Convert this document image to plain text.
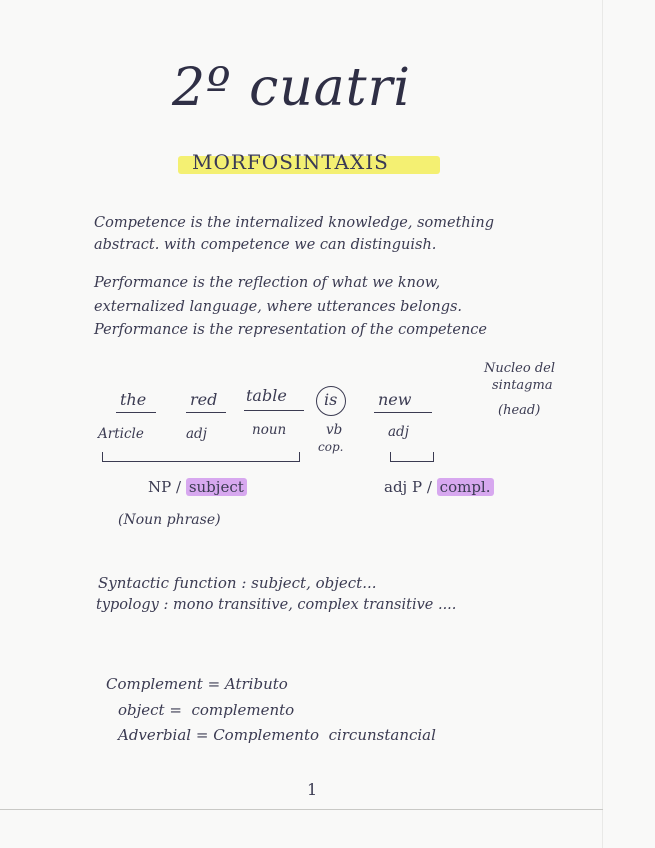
2º cuatri
MORFOSINTAXIS
Competence is the internalized knowledge, something
abstract. with competence we can distinguish.
Performance is the reflection of what we know,
externalized language, where utterances belongs.
Performance is the representation of the competence
Nucleo del
sintagma
(head)
the	red table is	new
Article	adj	noun	vb
cop.
adj
NP / subject	adj P / compl.
(Noun phrase)
Syntactic function : subject, object...
typology : mono transitive, complex transitive ....
Complement = Atributo
object =  complemento
Adverbial = Complemento  circunstancial
1
